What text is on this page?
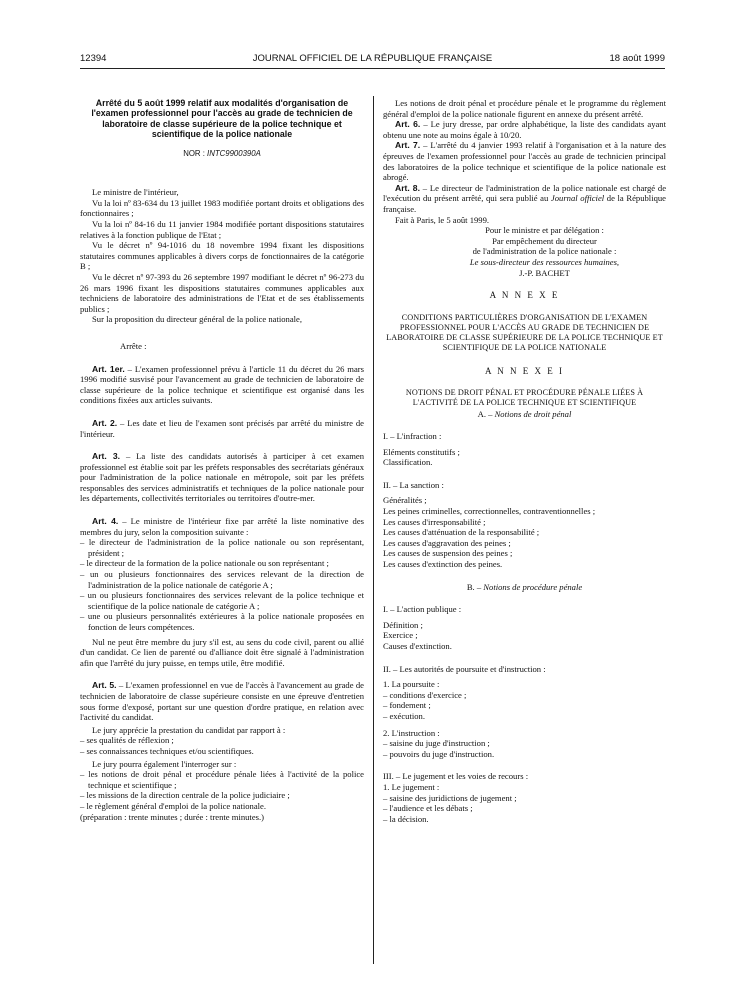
12394	JOURNAL OFFICIEL DE LA RÉPUBLIQUE FRANÇAISE	18 août 1999

Arrêté du 5 août 1999 relatif aux modalités d'organisation de l'examen professionnel pour l'accès au grade de technicien de laboratoire de classe supérieure de la police technique et scientifique de la police nationale

NOR : INTC9900390A

Le ministre de l'intérieur,

Vu la loi nº 83-634 du 13 juillet 1983 modifiée portant droits et obligations des fonctionnaires ;

Vu la loi nº 84-16 du 11 janvier 1984 modifiée portant dispositions statutaires relatives à la fonction publique de l'Etat ;

Vu le décret nº 94-1016 du 18 novembre 1994 fixant les dispositions statutaires communes applicables à divers corps de fonctionnaires de la catégorie B ;

Vu le décret nº 97-393 du 26 septembre 1997 modifiant le décret nº 96-273 du 26 mars 1996 fixant les dispositions statutaires communes applicables aux techniciens de laboratoire des administrations de l'Etat et de ses établissements publics ;

Sur la proposition du directeur général de la police nationale,

Arrête :

Art. 1er. – L'examen professionnel prévu à l'article 11 du décret du 26 mars 1996 modifié susvisé pour l'avancement au grade de technicien de laboratoire de classe supérieure de la police technique et scientifique est organisé dans les conditions fixées aux articles suivants.

Art. 2. – Les date et lieu de l'examen sont précisés par arrêté du ministre de l'intérieur.

Art. 3. – La liste des candidats autorisés à participer à cet examen professionnel est établie soit par les préfets responsables des secrétariats généraux pour l'administration de la police nationale en métropole, soit par les préfets responsables des services administratifs et techniques de la police nationale pour les départements, collectivités territoriales ou territoires d'outre-mer.

Art. 4. – Le ministre de l'intérieur fixe par arrêté la liste nominative des membres du jury, selon la composition suivante :

– le directeur de l'administration de la police nationale ou son représentant, président ;

– le directeur de la formation de la police nationale ou son représentant ;

– un ou plusieurs fonctionnaires des services relevant de la direction de l'administration de la police nationale de catégorie A ;

– un ou plusieurs fonctionnaires des services relevant de la police technique et scientifique de la police nationale de catégorie A ;

– une ou plusieurs personnalités extérieures à la police nationale proposées en fonction de leurs compétences.

Nul ne peut être membre du jury s'il est, au sens du code civil, parent ou allié d'un candidat. Ce lien de parenté ou d'alliance doit être signalé à l'administration afin que l'arrêté du jury puisse, en temps utile, être modifié.

Art. 5. – L'examen professionnel en vue de l'accès à l'avancement au grade de technicien de laboratoire de classe supérieure consiste en une épreuve d'entretien sous forme d'exposé, portant sur une question d'ordre pratique, en relation avec l'activité du candidat.

Le jury apprécie la prestation du candidat par rapport à :

– ses qualités de réflexion ;

– ses connaissances techniques et/ou scientifiques.

Le jury pourra également l'interroger sur :

– les notions de droit pénal et procédure pénale liées à l'activité de la police technique et scientifique ;

– les missions de la direction centrale de la police judiciaire ;

– le règlement général d'emploi de la police nationale.

(préparation : trente minutes ; durée : trente minutes.)

Les notions de droit pénal et procédure pénale et le programme du règlement général d'emploi de la police nationale figurent en annexe du présent arrêté.

Art. 6. – Le jury dresse, par ordre alphabétique, la liste des candidats ayant obtenu une note au moins égale à 10/20.

Art. 7. – L'arrêté du 4 janvier 1993 relatif à l'organisation et à la nature des épreuves de l'examen professionnel pour l'accès au grade de technicien principal des laboratoires de la police technique et scientifique de la police nationale est abrogé.

Art. 8. – Le directeur de l'administration de la police nationale est chargé de l'exécution du présent arrêté, qui sera publié au Journal officiel de la République française.

Fait à Paris, le 5 août 1999.

Pour le ministre et par délégation :

Par empêchement du directeur

de l'administration de la police nationale :

Le sous-directeur des ressources humaines,

J.-P. BACHET

A N N E X E

CONDITIONS PARTICULIÈRES D'ORGANISATION DE L'EXAMEN PROFESSIONNEL POUR L'ACCÈS AU GRADE DE TECHNICIEN DE LABORATOIRE DE CLASSE SUPÉRIEURE DE LA POLICE TECHNIQUE ET SCIENTIFIQUE DE LA POLICE NATIONALE

A N N E X E I

NOTIONS DE DROIT PÉNAL ET PROCÉDURE PÉNALE LIÉES À L'ACTIVITÉ DE LA POLICE TECHNIQUE ET SCIENTIFIQUE

A. – Notions de droit pénal

I. – L'infraction :

Eléments constitutifs ;

Classification.

II. – La sanction :

Généralités ;

Les peines criminelles, correctionnelles, contraventionnelles ;

Les causes d'irresponsabilité ;

Les causes d'atténuation de la responsabilité ;

Les causes d'aggravation des peines ;

Les causes de suspension des peines ;

Les causes d'extinction des peines.

B. – Notions de procédure pénale

I. – L'action publique :

Définition ;

Exercice ;

Causes d'extinction.

II. – Les autorités de poursuite et d'instruction :

1. La poursuite :

– conditions d'exercice ;

– fondement ;

– exécution.

2. L'instruction :

– saisine du juge d'instruction ;

– pouvoirs du juge d'instruction.

III. – Le jugement et les voies de recours :

1. Le jugement :

– saisine des juridictions de jugement ;

– l'audience et les débats ;

– la décision.
